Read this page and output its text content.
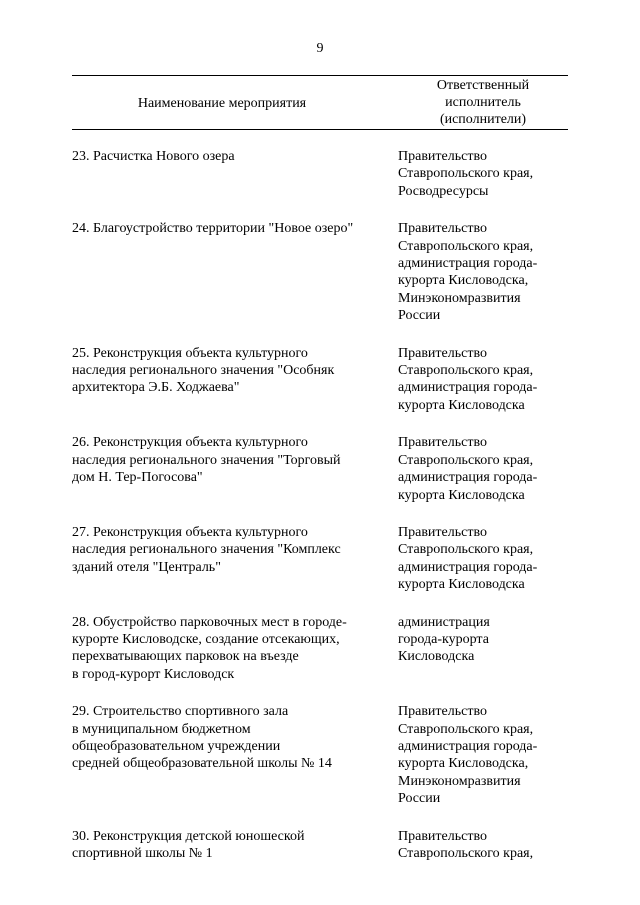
9
Наименование мероприятия
Ответственный
исполнитель
(исполнители)
23. Расчистка Нового озера	Правительство
Ставропольского края,
Росводресурсы
24. Благоустройство территории "Новое озеро"	Правительство
Ставропольского края,
администрация города-
курорта Кисловодска,
Минэкономразвития
России
25. Реконструкция объекта культурного
наследия регионального значения "Особняк
архитектора Э.Б. Ходжаева"
Правительство
Ставропольского края,
администрация города-
курорта Кисловодска
26. Реконструкция объекта культурного
наследия регионального значения "Торговый
дом Н. Тер-Погосова"
Правительство
Ставропольского края,
администрация города-
курорта Кисловодска
27. Реконструкция объекта культурного
наследия регионального значения "Комплекс
зданий отеля "Централь"
Правительство
Ставропольского края,
администрация города-
курорта Кисловодска
28. Обустройство парковочных мест в городе-
курорте Кисловодске, создание отсекающих,
перехватывающих парковок на въезде
в город-курорт Кисловодск
администрация
города-курорта
Кисловодска
29. Строительство спортивного зала
в муниципальном бюджетном
общеобразовательном учреждении
средней общеобразовательной школы № 14
Правительство
Ставропольского края,
администрация города-
курорта Кисловодска,
Минэкономразвития
России
30. Реконструкция детской юношеской
спортивной школы № 1
Правительство
Ставропольского края,
